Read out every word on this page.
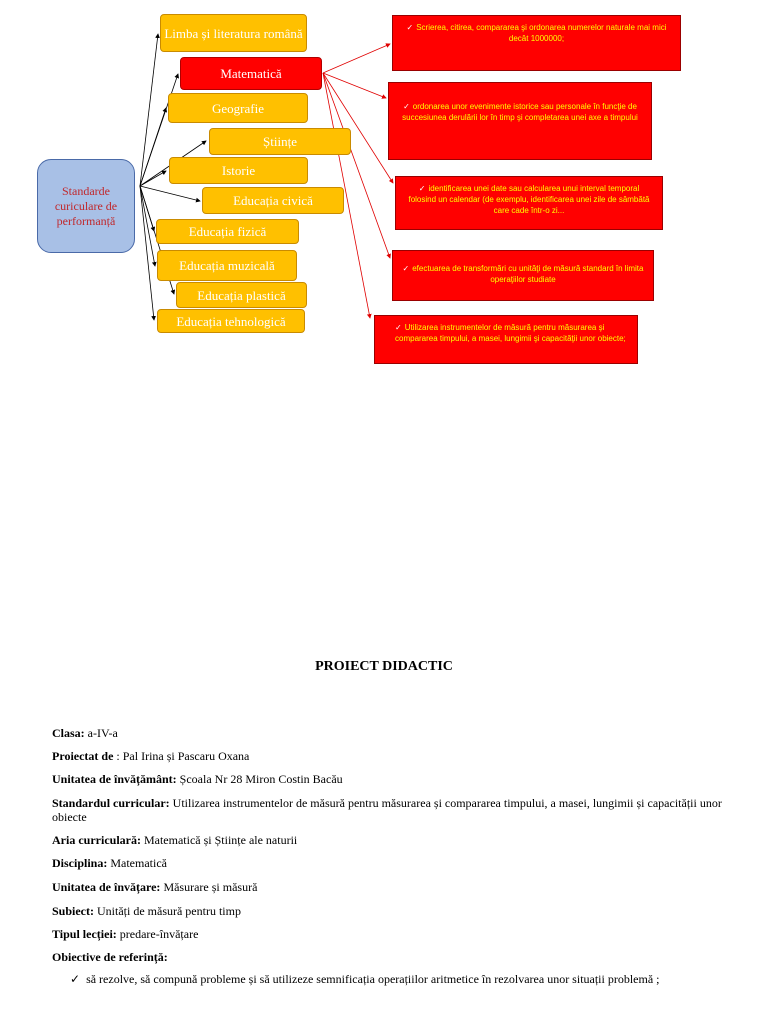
Standarde curiculare de performanță
Limba și literatura română
Matematică
Geografie
Științe
Istorie
Educația civică
Educația fizică
Educația muzicală
Educația plastică
Educația tehnologică
✓ Scrierea, citirea, compararea şi ordonarea numerelor naturale mai mici decât 1000000;
✓ ordonarea unor evenimente istorice sau personale în funcţie de succesiunea derulării lor în timp şi completarea unei axe a timpului
✓ identificarea unei date sau calcularea unui interval temporal folosind un calendar (de exemplu, identificarea unei zile de sâmbătă care cade într-o zi...
✓ efectuarea de transformări cu unităţi de măsură standard în limita operaţiilor studiate
✓ Utilizarea instrumentelor de măsură pentru măsurarea şi compararea timpului, a masei, lungimii şi capacităţii unor obiecte;
PROIECT DIDACTIC
Clasa: a-IV-a
Proiectat de : Pal Irina și Pascaru Oxana
Unitatea de învățământ: Școala Nr 28 Miron Costin Bacău
Standardul curricular: Utilizarea instrumentelor de măsură pentru măsurarea și compararea timpului, a masei, lungimii și capacității unor obiecte
Aria curriculară: Matematică și Științe ale naturii
Disciplina: Matematică
Unitatea de învățare: Măsurare și măsură
Subiect: Unități de măsură pentru timp
Tipul lecției: predare-învățare
Obiective de referință:
✓  să rezolve, să compună probleme și să utilizeze semnificația operațiilor aritmetice în rezolvarea unor situații problemă ;
